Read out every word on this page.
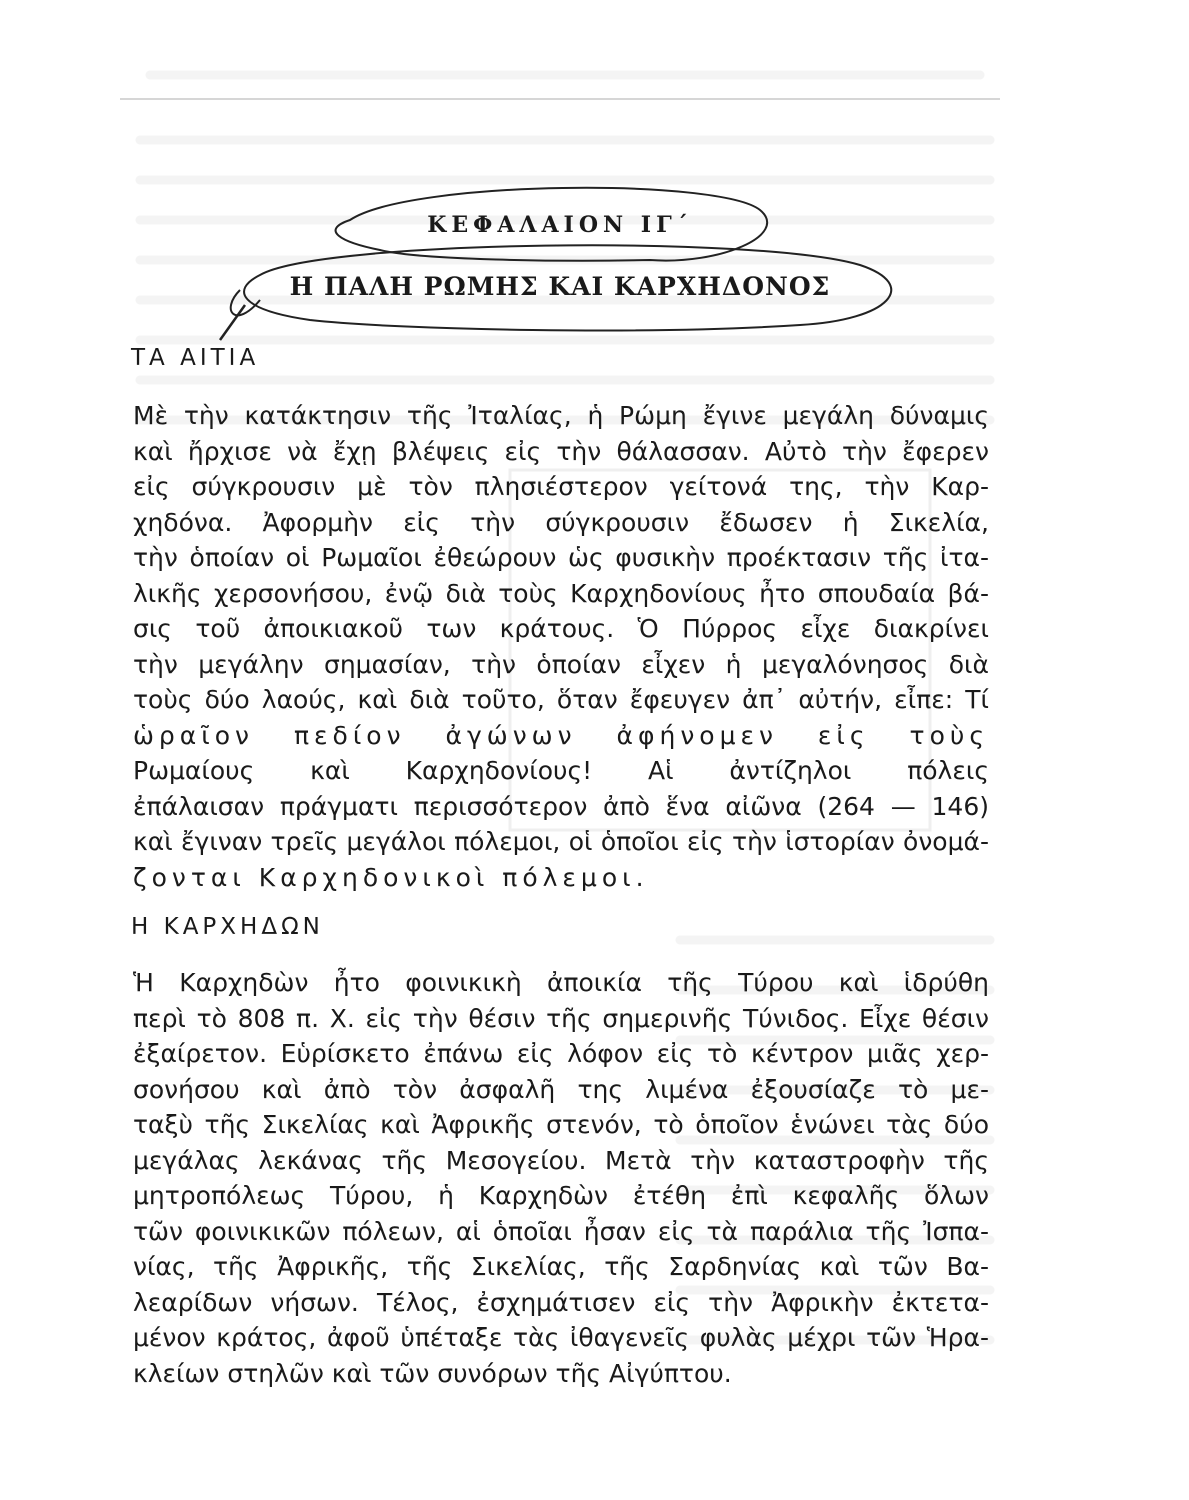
ΚΕΦΑΛΑΙΟΝ ΙΓ΄
Η ΠΑΛΗ ΡΩΜΗΣ ΚΑΙ ΚΑΡΧΗΔΟΝΟΣ
ΤΑ ΑΙΤΙΑ
Μὲ τὴν κατάκτησιν τῆς Ἰταλίας, ἡ Ρώμη ἔγινε μεγάλη δύναμις
καὶ ἤρχισε νὰ ἔχῃ βλέψεις εἰς τὴν θάλασσαν. Αὐτὸ τὴν ἔφερεν
εἰς σύγκρουσιν μὲ τὸν πλησιέστερον γείτονά της, τὴν Καρ-
χηδόνα. Ἀφορμὴν εἰς τὴν σύγκρουσιν ἔδωσεν ἡ Σικελία,
τὴν ὁποίαν οἱ Ρωμαῖοι ἐθεώρουν ὡς φυσικὴν προέκτασιν τῆς ἰτα-
λικῆς χερσονήσου, ἐνῷ διὰ τοὺς Καρχηδονίους ἦτο σπουδαία βά-
σις τοῦ ἀποικιακοῦ των κράτους. Ὁ Πύρρος εἶχε διακρίνει
τὴν μεγάλην σημασίαν, τὴν ὁποίαν εἶχεν ἡ μεγαλόνησος διὰ
τοὺς δύο λαούς, καὶ διὰ τοῦτο, ὅταν ἔφευγεν ἀπ᾿ αὐτήν, εἶπε: Τί
ὡραῖον πεδίον ἀγώνων ἀφήνομεν εἰς τοὺς
Ρωμαίους καὶ Καρχηδονίους! Αἱ ἀντίζηλοι πόλεις
ἐπάλαισαν πράγματι περισσότερον ἀπὸ ἕνα αἰῶνα (264 — 146)
καὶ ἔγιναν τρεῖς μεγάλοι πόλεμοι, οἱ ὁποῖοι εἰς τὴν ἱστορίαν ὀνομά-
ζονται Καρχηδονικοὶ πόλεμοι.
Η ΚΑΡΧΗΔΩΝ
Ἡ Καρχηδὼν ἦτο φοινικικὴ ἀποικία τῆς Τύρου καὶ ἱδρύθη
περὶ τὸ 808 π. Χ. εἰς τὴν θέσιν τῆς σημερινῆς Τύνιδος. Εἶχε θέσιν
ἐξαίρετον. Εὑρίσκετο ἐπάνω εἰς λόφον εἰς τὸ κέντρον μιᾶς χερ-
σονήσου καὶ ἀπὸ τὸν ἀσφαλῆ της λιμένα ἐξουσίαζε τὸ με-
ταξὺ τῆς Σικελίας καὶ Ἀφρικῆς στενόν, τὸ ὁποῖον ἑνώνει τὰς δύο
μεγάλας λεκάνας τῆς Μεσογείου. Μετὰ τὴν καταστροφὴν τῆς
μητροπόλεως Τύρου, ἡ Καρχηδὼν ἐτέθη ἐπὶ κεφαλῆς ὅλων
τῶν φοινικικῶν πόλεων, αἱ ὁποῖαι ἦσαν εἰς τὰ παράλια τῆς Ἰσπα-
νίας, τῆς Ἀφρικῆς, τῆς Σικελίας, τῆς Σαρδηνίας καὶ τῶν Βα-
λεαρίδων νήσων. Τέλος, ἐσχημάτισεν εἰς τὴν Ἀφρικὴν ἐκτετα-
μένον κράτος, ἀφοῦ ὑπέταξε τὰς ἰθαγενεῖς φυλὰς μέχρι τῶν Ἡρα-
κλείων στηλῶν καὶ τῶν συνόρων τῆς Αἰγύπτου.
